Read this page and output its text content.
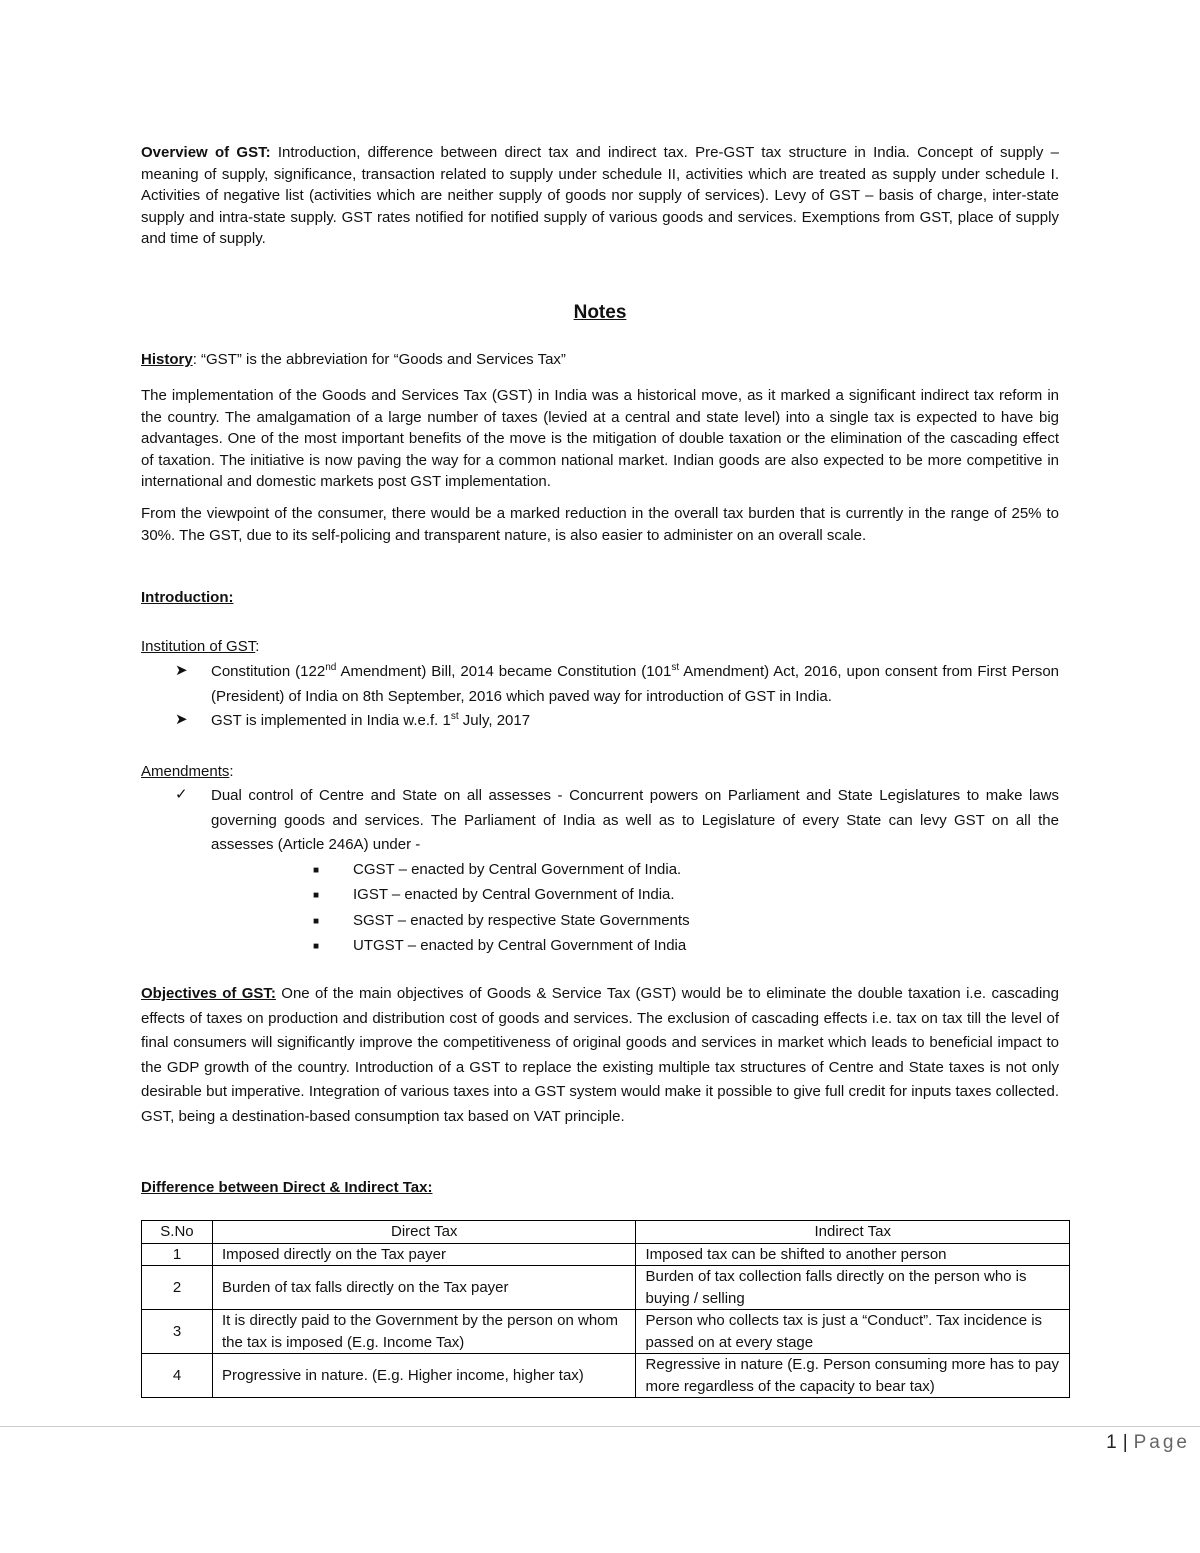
Overview of GST: Introduction, difference between direct tax and indirect tax. Pre-GST tax structure in India. Concept of supply – meaning of supply, significance, transaction related to supply under schedule II, activities which are treated as supply under schedule I. Activities of negative list (activities which are neither supply of goods nor supply of services). Levy of GST – basis of charge, inter-state supply and intra-state supply. GST rates notified for notified supply of various goods and services. Exemptions from GST, place of supply and time of supply.

Notes

History: “GST” is the abbreviation for “Goods and Services Tax”

The implementation of the Goods and Services Tax (GST) in India was a historical move, as it marked a significant indirect tax reform in the country. The amalgamation of a large number of taxes (levied at a central and state level) into a single tax is expected to have big advantages. One of the most important benefits of the move is the mitigation of double taxation or the elimination of the cascading effect of taxation. The initiative is now paving the way for a common national market. Indian goods are also expected to be more competitive in international and domestic markets post GST implementation.

From the viewpoint of the consumer, there would be a marked reduction in the overall tax burden that is currently in the range of 25% to 30%. The GST, due to its self-policing and transparent nature, is also easier to administer on an overall scale.

Introduction:

Institution of GST:

➤	Constitution (122nd Amendment) Bill, 2014 became Constitution (101st Amendment) Act, 2016, upon consent from First Person (President) of India on 8th September, 2016 which paved way for introduction of GST in India.
➤	GST is implemented in India w.e.f. 1st July, 2017

Amendments:

✓	Dual control of Centre and State on all assesses - Concurrent powers on Parliament and State Legislatures to make laws governing goods and services. The Parliament of India as well as to Legislature of every State can levy GST on all the assesses (Article 246A) under -
■	CGST – enacted by Central Government of India.
■	IGST – enacted by Central Government of India.
■	SGST – enacted by respective State Governments
■	UTGST – enacted by Central Government of India

Objectives of GST: One of the main objectives of Goods & Service Tax (GST) would be to eliminate the double taxation i.e. cascading effects of taxes on production and distribution cost of goods and services. The exclusion of cascading effects i.e. tax on tax till the level of final consumers will significantly improve the competitiveness of original goods and services in market which leads to beneficial impact to the GDP growth of the country. Introduction of a GST to replace the existing multiple tax structures of Centre and State taxes is not only desirable but imperative. Integration of various taxes into a GST system would make it possible to give full credit for inputs taxes collected. GST, being a destination-based consumption tax based on VAT principle.

Difference between Direct & Indirect Tax:

S.No	Direct Tax	Indirect Tax
1	Imposed directly on the Tax payer	Imposed tax can be shifted to another person
2	Burden of tax falls directly on the Tax payer	Burden of tax collection falls directly on the person who is buying / selling
3	It is directly paid to the Government by the person on whom the tax is imposed (E.g. Income Tax)	Person who collects tax is just a “Conduct”. Tax incidence is passed on at every stage
4	Progressive in nature. (E.g. Higher income, higher tax)	Regressive in nature (E.g. Person consuming more has to pay more regardless of the capacity to bear tax)
1 | Page
